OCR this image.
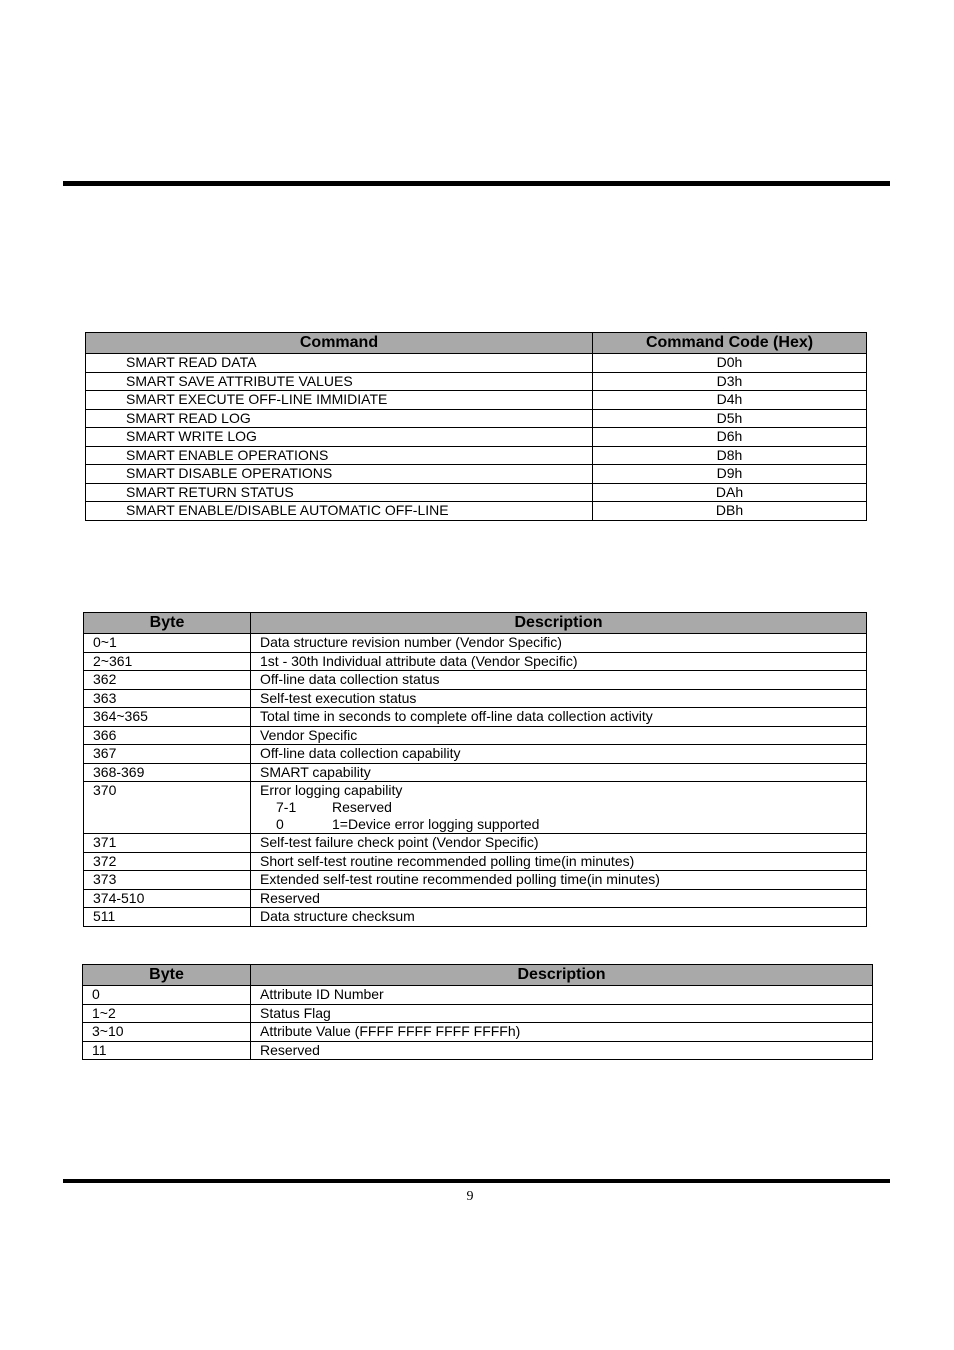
Command	Command Code (Hex)
SMART READ DATA	D0h
SMART SAVE ATTRIBUTE VALUES	D3h
SMART EXECUTE OFF-LINE IMMIDIATE	D4h
SMART READ LOG	D5h
SMART WRITE LOG	D6h
SMART ENABLE OPERATIONS	D8h
SMART DISABLE OPERATIONS	D9h
SMART RETURN STATUS	DAh
SMART ENABLE/DISABLE AUTOMATIC OFF-LINE	DBh
Byte	Description
0~1	Data structure revision number (Vendor Specific)
2~361	1st - 30th Individual attribute data (Vendor Specific)
362	Off-line data collection status
363	Self-test execution status
364~365	Total time in seconds to complete off-line data collection activity
366	Vendor Specific
367	Off-line data collection capability
368-369	SMART capability
370	Error logging capability
7-1 Reserved
0 1=Device error logging supported

371	Self-test failure check point (Vendor Specific)
372	Short self-test routine recommended polling time(in minutes)
373	Extended self-test routine recommended polling time(in minutes)
374-510	Reserved
511	Data structure checksum
Byte	Description
0	Attribute ID Number
1~2	Status Flag
3~10	Attribute Value (FFFF FFFF FFFF FFFFh)
11	Reserved
9
